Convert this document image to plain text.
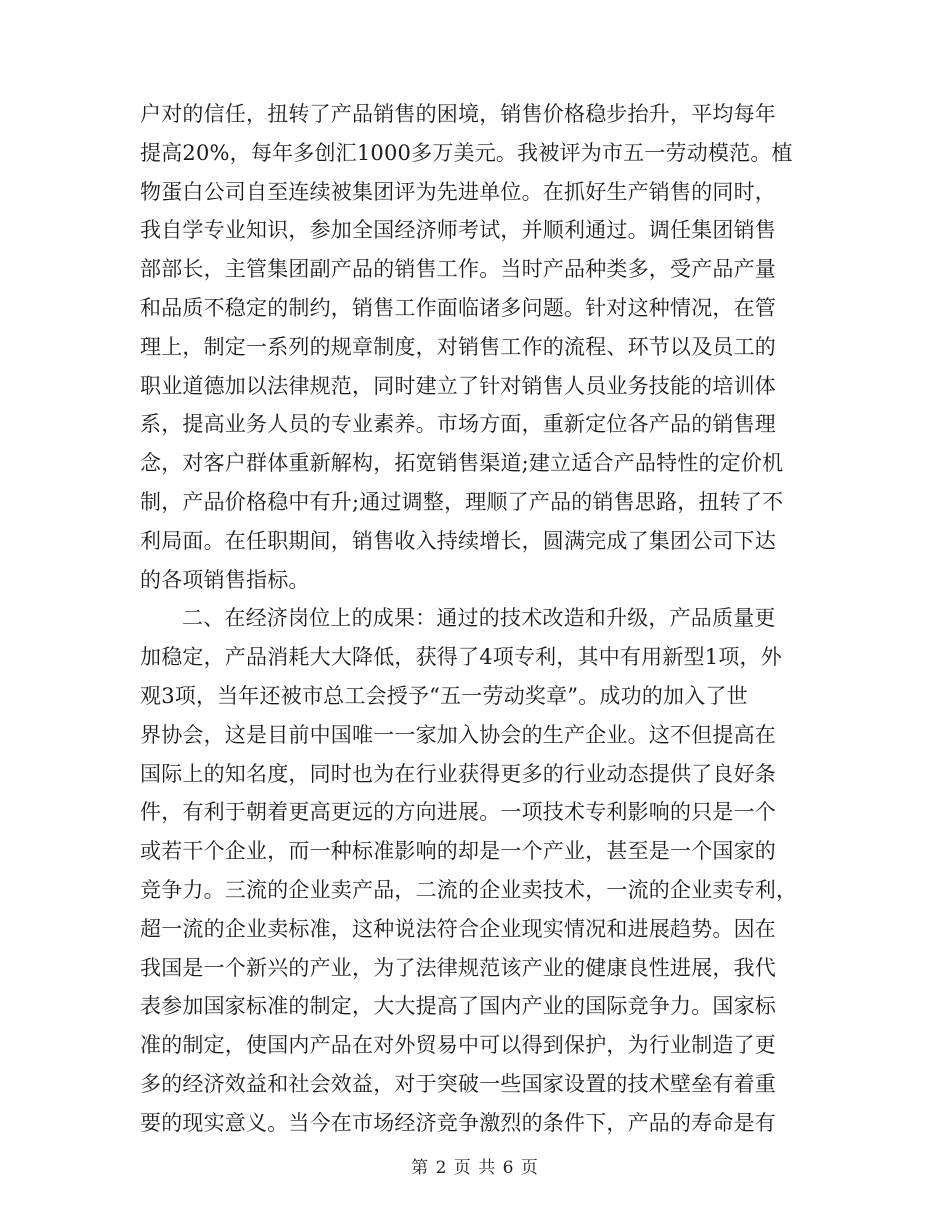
户对的信任，扭转了产品销售的困境，销售价格稳步抬升，平均每年
提高20%，每年多创汇1000多万美元。我被评为市五一劳动模范。植
物蛋白公司自至连续被集团评为先进单位。在抓好生产销售的同时，
我自学专业知识，参加全国经济师考试，并顺利通过。调任集团销售
部部长，主管集团副产品的销售工作。当时产品种类多，受产品产量
和品质不稳定的制约，销售工作面临诸多问题。针对这种情况，在管
理上，制定一系列的规章制度，对销售工作的流程、环节以及员工的
职业道德加以法律规范，同时建立了针对销售人员业务技能的培训体
系，提高业务人员的专业素养。市场方面，重新定位各产品的销售理
念，对客户群体重新解构，拓宽销售渠道;建立适合产品特性的定价机
制，产品价格稳中有升;通过调整，理顺了产品的销售思路，扭转了不
利局面。在任职期间，销售收入持续增长，圆满完成了集团公司下达
的各项销售指标。
二、在经济岗位上的成果：通过的技术改造和升级，产品质量更
加稳定，产品消耗大大降低，获得了4项专利，其中有用新型1项，外
观3项，当年还被市总工会授予“五一劳动奖章”。成功的加入了世
界协会，这是目前中国唯一一家加入协会的生产企业。这不但提高在
国际上的知名度，同时也为在行业获得更多的行业动态提供了良好条
件，有利于朝着更高更远的方向进展。一项技术专利影响的只是一个
或若干个企业，而一种标准影响的却是一个产业，甚至是一个国家的
竞争力。三流的企业卖产品，二流的企业卖技术，一流的企业卖专利，
超一流的企业卖标准，这种说法符合企业现实情况和进展趋势。因在
我国是一个新兴的产业，为了法律规范该产业的健康良性进展，我代
表参加国家标准的制定，大大提高了国内产业的国际竞争力。国家标
准的制定，使国内产品在对外贸易中可以得到保护，为行业制造了更
多的经济效益和社会效益，对于突破一些国家设置的技术壁垒有着重
要的现实意义。当今在市场经济竞争激烈的条件下，产品的寿命是有
第 2 页 共 6 页
